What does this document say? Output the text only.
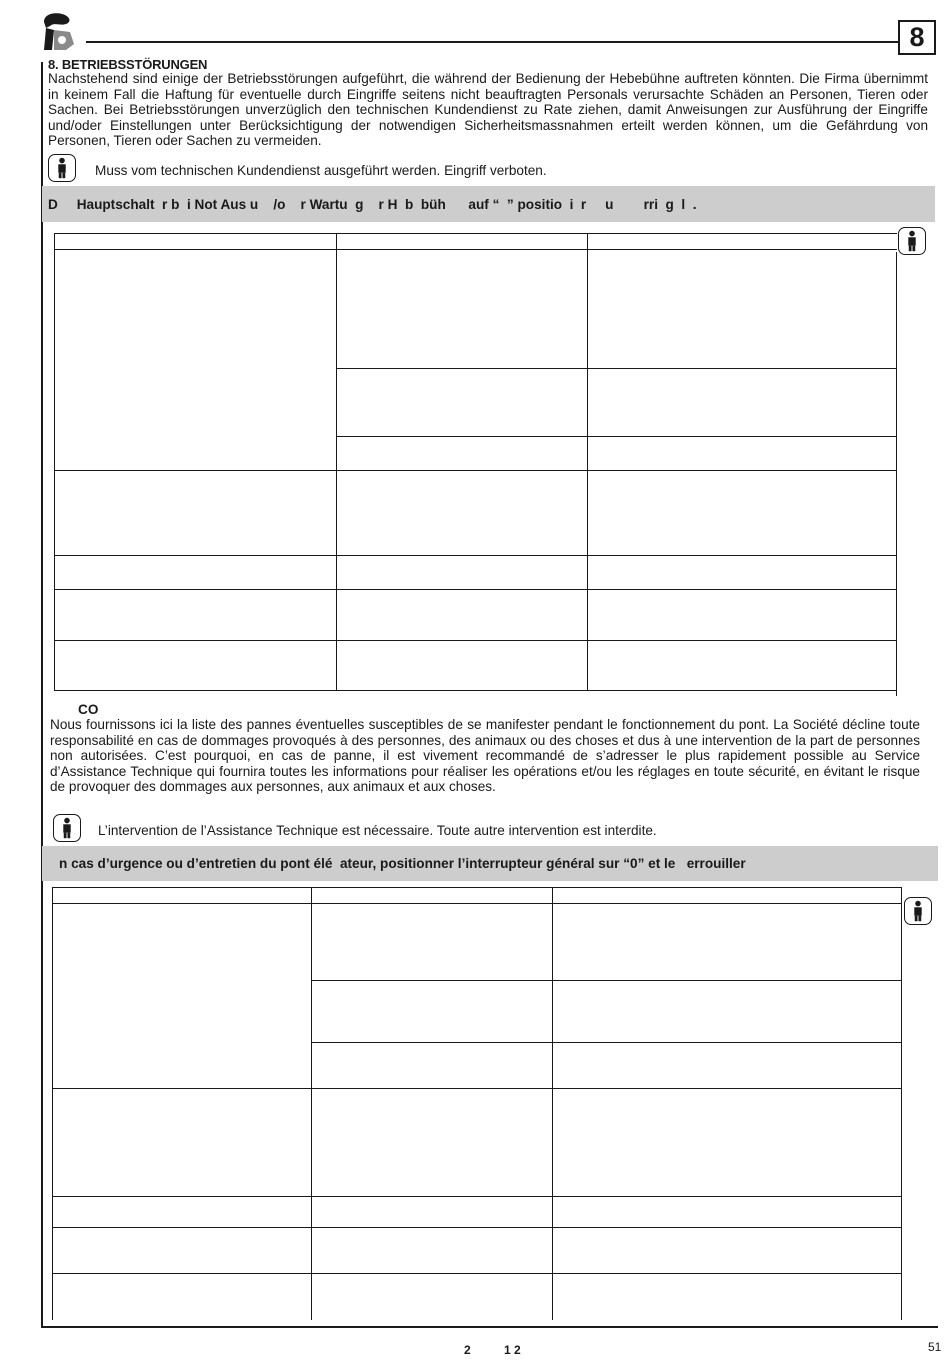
8
8. BETRIEBSSTÖRUNGEN
Nachstehend sind einige der Betriebsstörungen aufgeführt, die während der Bedienung der Hebebühne auftreten könnten. Die Firma übernimmt in keinem Fall die Haftung für eventuelle durch Eingriffe seitens nicht beauftragten Personals verursachte Schäden an Personen, Tieren oder Sachen. Bei Betriebsstörungen unverzüglich den technischen Kundendienst zu Rate ziehen, damit Anweisungen zur Ausführung der Eingriffe und/oder Einstellungen unter Berücksichtigung der notwendigen Sicherheitsmassnahmen erteilt werden können, um die Gefährdung von Personen, Tieren oder Sachen zu vermeiden.
Muss vom technischen Kundendienst ausgeführt werden. Eingriff verboten.
D     Hauptschalt  r b  i Not Aus u    /o    r Wartu  g    r H  b  büh      auf “  ” positio  i  r     u        rri  g  l  .
CO
Nous fournissons ici la liste des pannes éventuelles susceptibles de se manifester pendant le fonctionnement du pont. La Société décline toute responsabilité en cas de dommages provoqués à des personnes, des animaux ou des choses et dus à une intervention de la part de personnes non autorisées. C’est pourquoi, en cas de panne, il est vivement recommandé de s’adresser le plus rapidement possible au Service d’Assistance Technique qui fournira toutes les informations pour réaliser les opérations et/ou les réglages en toute sécurité, en évitant le risque de provoquer des dommages aux personnes, aux animaux et aux choses.
L’intervention de l’Assistance Technique est nécessaire. Toute autre intervention est interdite.
n cas d’urgence ou d’entretien du pont élé  ateur, positionner l’interrupteur général sur “0” et le   errouiller
2          1 2	51
